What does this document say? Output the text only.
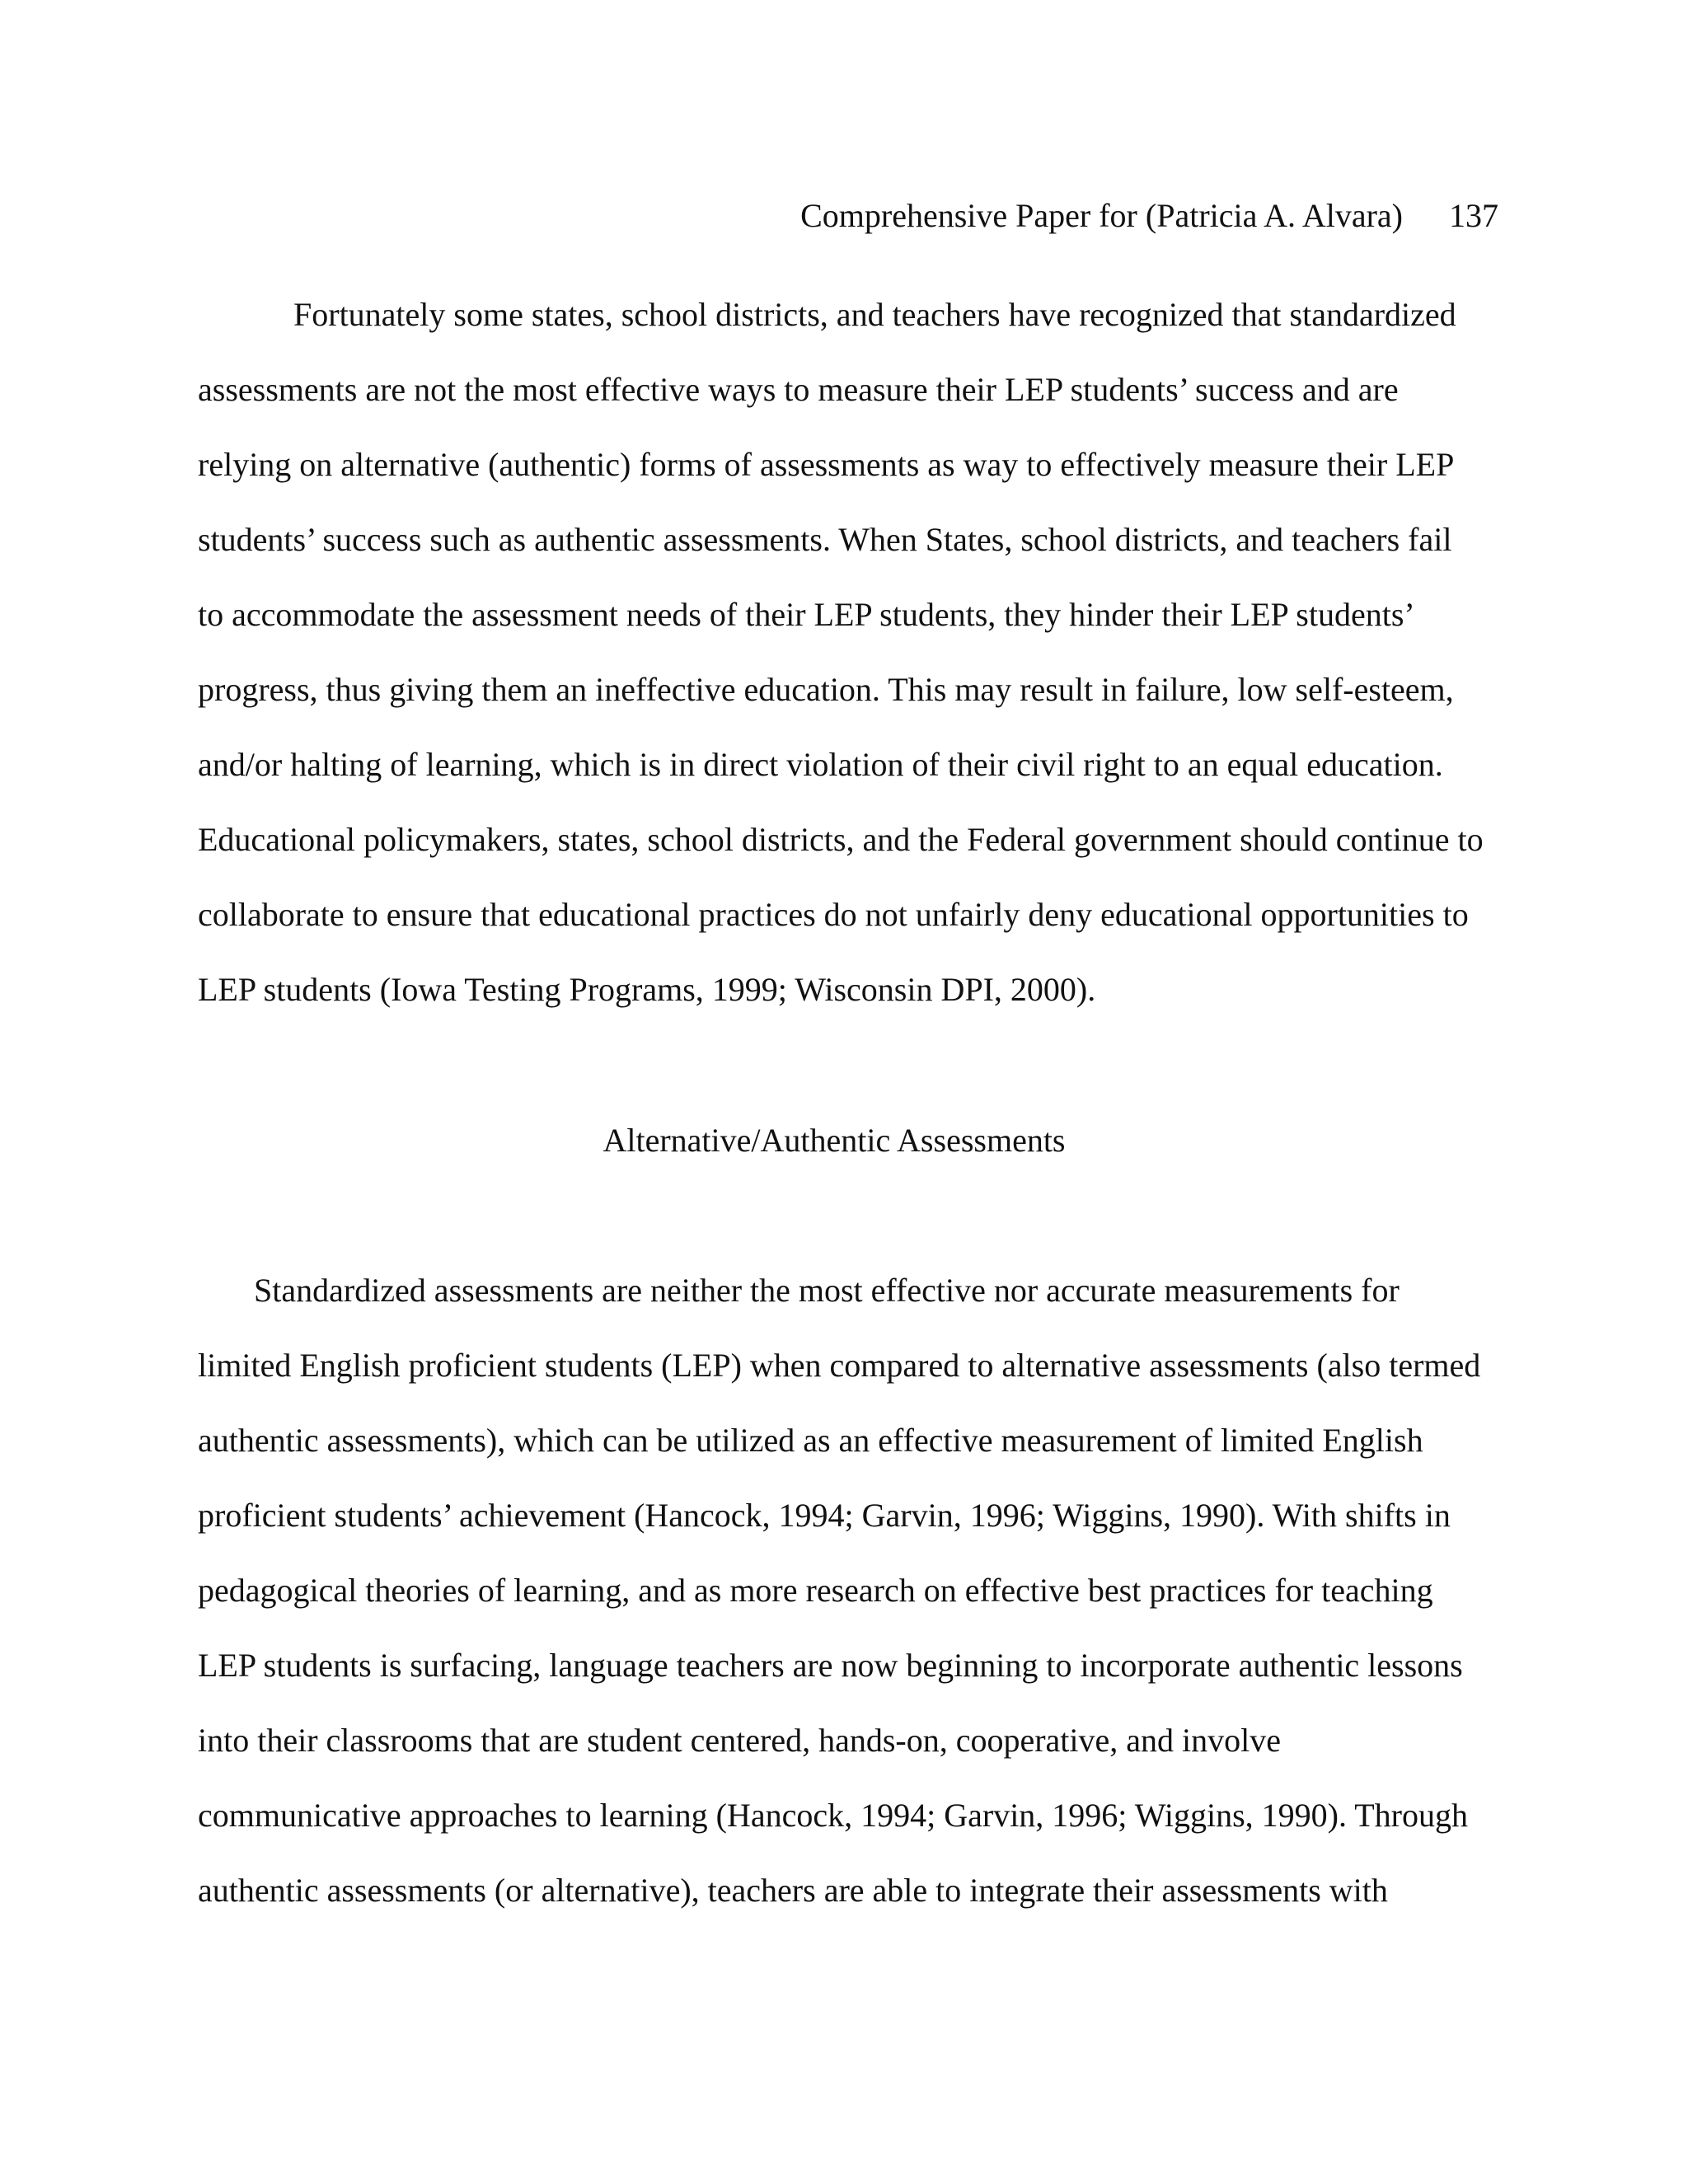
Comprehensive Paper for (Patricia A. Alvara) 137
Fortunately some states, school districts, and teachers have recognized that standardized
assessments are not the most effective ways to measure their LEP students’ success and are
relying on alternative (authentic) forms of assessments as way to effectively measure their LEP
students’ success such as authentic assessments. When States, school districts, and teachers fail
to accommodate the assessment needs of their LEP students, they hinder their LEP students’
progress, thus giving them an ineffective education. This may result in failure, low self-esteem,
and/or halting of learning, which is in direct violation of their civil right to an equal education.
Educational policymakers, states, school districts, and the Federal government should continue to
collaborate to ensure that educational practices do not unfairly deny educational opportunities to
LEP students (Iowa Testing Programs, 1999; Wisconsin DPI, 2000).
Alternative/Authentic Assessments
Standardized assessments are neither the most effective nor accurate measurements for
limited English proficient students (LEP) when compared to alternative assessments (also termed
authentic assessments), which can be utilized as an effective measurement of limited English
proficient students’ achievement (Hancock, 1994; Garvin, 1996; Wiggins, 1990). With shifts in
pedagogical theories of learning, and as more research on effective best practices for teaching
LEP students is surfacing, language teachers are now beginning to incorporate authentic lessons
into their classrooms that are student centered, hands-on, cooperative, and involve
communicative approaches to learning (Hancock, 1994; Garvin, 1996; Wiggins, 1990). Through
authentic assessments (or alternative), teachers are able to integrate their assessments with
